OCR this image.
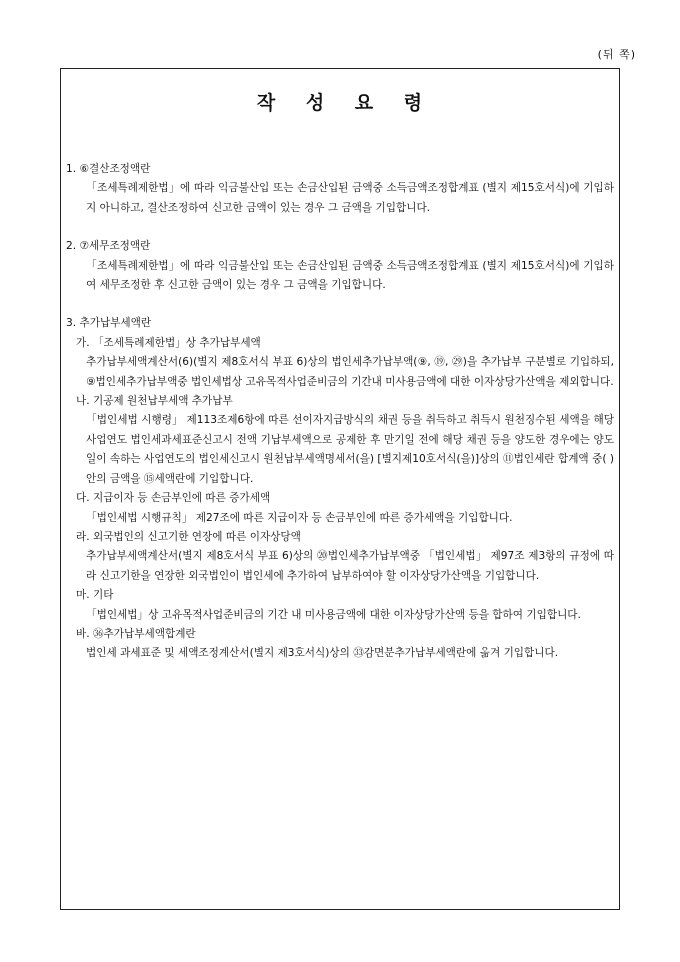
(뒤 쪽)
작 성 요 령

1. ⑥결산조정액란

「조세특례제한법」에 따라 익금불산입 또는 손금산입된 금액중 소득금액조정합계표 (별지 제15호서식)에 기입하지 아니하고, 결산조정하여 신고한 금액이 있는 경우 그 금액을 기입합니다.

2. ⑦세무조정액란

「조세특례제한법」에 따라 익금불산입 또는 손금산입된 금액중 소득금액조정합계표 (별지 제15호서식)에 기입하여 세무조정한 후 신고한 금액이 있는 경우 그 금액을 기입합니다.

3. 추가납부세액란

가. 「조세특례제한법」상 추가납부세액

추가납부세액계산서(6)(별지 제8호서식 부표 6)상의 법인세추가납부액(⑨, ⑲, ㉙)을 추가납부 구분별로 기입하되, ⑨법인세추가납부액중 법인세법상 고유목적사업준비금의 기간내 미사용금액에 대한 이자상당가산액을 제외합니다.

나. 기공제 원천납부세액 추가납부

「법인세법 시행령」 제113조제6항에 따른 선이자지급방식의 채권 등을 취득하고 취득시 원천징수된 세액을 해당 사업연도 법인세과세표준신고시 전액 기납부세액으로 공제한 후 만기일 전에 해당 채권 등을 양도한 경우에는 양도일이 속하는 사업연도의 법인세신고시 원천납부세액명세서(을) [별지제10호서식(을)]상의 ⑪법인세란 합계액 중( )안의 금액을 ⑮세액란에 기입합니다.

다. 지급이자 등 손금부인에 따른 증가세액

「법인세법 시행규칙」 제27조에 따른 지급이자 등 손금부인에 따른 증가세액을 기입합니다.

라. 외국법인의 신고기한 연장에 따른 이자상당액

추가납부세액계산서(별지 제8호서식 부표 6)상의 ⑳법인세추가납부액중 「법인세법」 제97조 제3항의 규정에 따라 신고기한을 연장한 외국법인이 법인세에 추가하여 납부하여야 할 이자상당가산액을 기입합니다.

마. 기타

「법인세법」상 고유목적사업준비금의 기간 내 미사용금액에 대한 이자상당가산액 등을 합하여 기입합니다.

바. ㊱추가납부세액합계란

법인세 과세표준 및 세액조정계산서(별지 제3호서식)상의 ㉝감면분추가납부세액란에 옮겨 기입합니다.
